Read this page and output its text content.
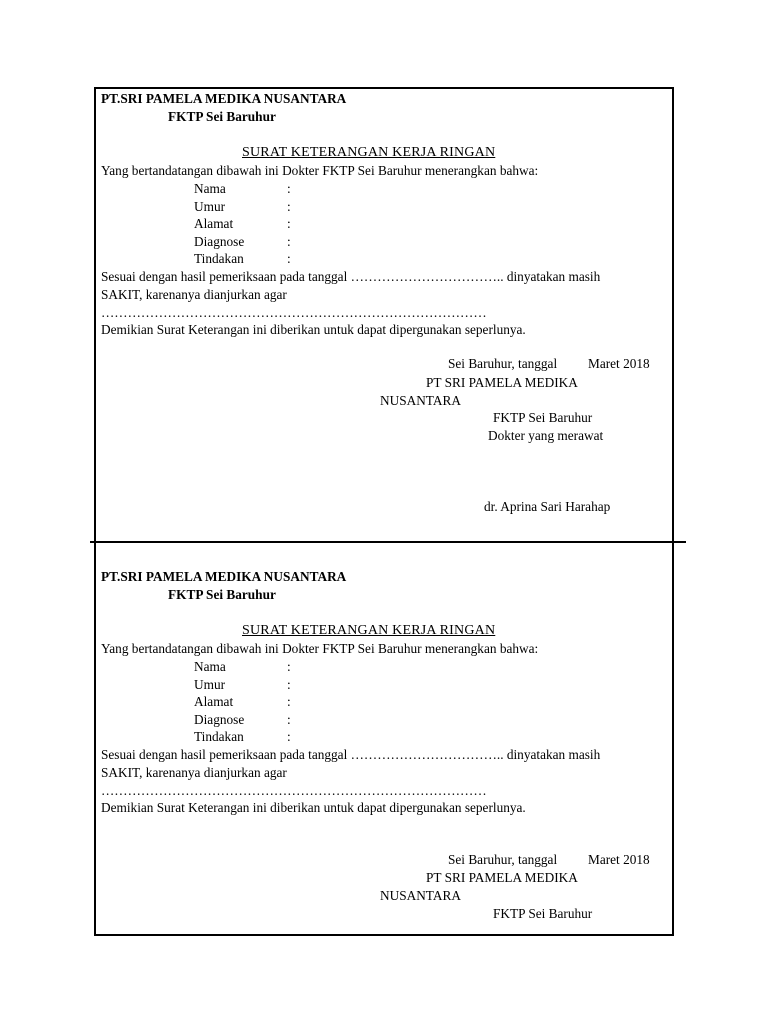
PT.SRI PAMELA MEDIKA NUSANTARA
FKTP Sei Baruhur
SURAT KETERANGAN KERJA RINGAN
Yang bertandatangan dibawah ini Dokter FKTP Sei Baruhur menerangkan bahwa:
Nama	:
Umur	:
Alamat	:
Diagnose	:
Tindakan	:
Sesuai dengan hasil pemeriksaan pada tanggal …………………………….. dinyatakan masih
SAKIT, karenanya dianjurkan agar
……………………………………………………………………………
Demikian Surat Keterangan ini diberikan untuk dapat dipergunakan seperlunya.
Sei Baruhur, tanggal Maret 2018
PT SRI PAMELA MEDIKA
NUSANTARA
FKTP Sei Baruhur
Dokter yang merawat
dr. Aprina Sari Harahap
PT.SRI PAMELA MEDIKA NUSANTARA
FKTP Sei Baruhur
SURAT KETERANGAN KERJA RINGAN
Yang bertandatangan dibawah ini Dokter FKTP Sei Baruhur menerangkan bahwa:
Nama	:
Umur	:
Alamat	:
Diagnose	:
Tindakan	:
Sesuai dengan hasil pemeriksaan pada tanggal …………………………….. dinyatakan masih
SAKIT, karenanya dianjurkan agar
……………………………………………………………………………
Demikian Surat Keterangan ini diberikan untuk dapat dipergunakan seperlunya.
Sei Baruhur, tanggal Maret 2018
PT SRI PAMELA MEDIKA
NUSANTARA
FKTP Sei Baruhur
